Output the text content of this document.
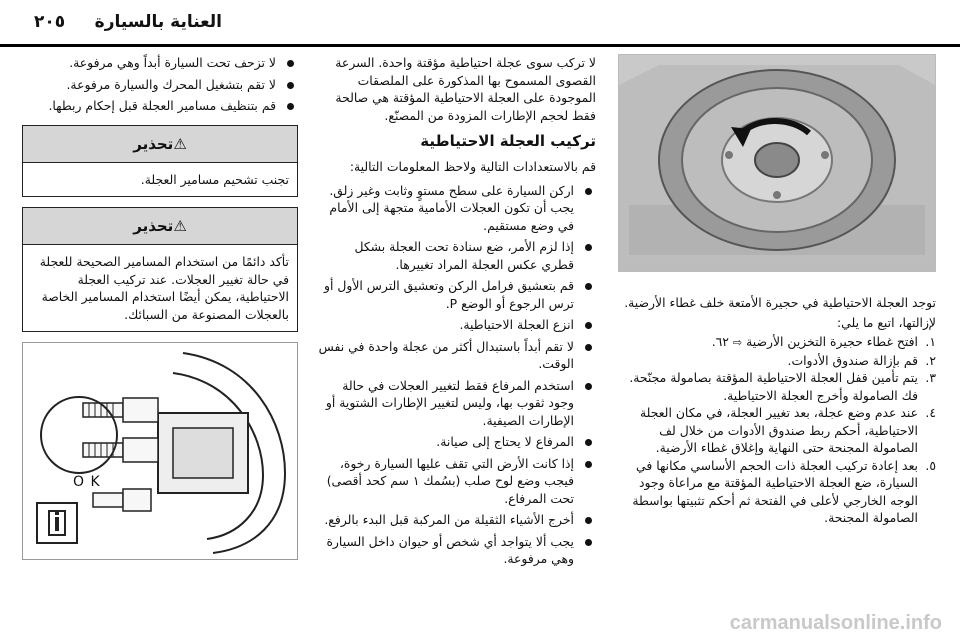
العناية بالسيارة
٢٠٥

توجد العجلة الاحتياطية في حجيرة الأمتعة خلف غطاء الأرضية.

لإزالتها، اتبع ما يلي:

١.
افتح غطاء حجيرة التخزين الأرضية ⇨ ٦٢.
٢.
قم بإزالة صندوق الأدوات.
٣.
يتم تأمين قفل العجلة الاحتياطية المؤقتة بصامولة مجنّحة. فك الصامولة وأخرج العجلة الاحتياطية.
٤.
عند عدم وضع عجلة، بعد تغيير العجلة، في مكان العجلة الاحتياطية، أحكم ربط صندوق الأدوات من خلال لف الصامولة المجنحة حتى النهاية وإغلاق غطاء الأرضية.
٥.
بعد إعادة تركيب العجلة ذات الحجم الأساسي مكانها في السيارة، ضع العجلة الاحتياطية المؤقتة مع مراعاة وجود الوجه الخارجي لأعلى في الفتحة ثم أحكم تثبيتها بواسطة الصامولة المجنحة.

لا تركب سوى عجلة احتياطية مؤقتة واحدة. السرعة القصوى المسموح بها المذكورة على الملصقات الموجودة على العجلة الاحتياطية المؤقتة هي صالحة فقط لحجم الإطارات المزودة من المصنّع.

تركيب العجلة الاحتياطية

قم بالاستعدادات التالية ولاحظ المعلومات التالية:

اركن السيارة على سطح مستوٍ وثابت وغير زلق. يجب أن تكون العجلات الأمامية متجهة إلى الأمام في وضع مستقيم.
إذا لزم الأمر، ضع سنادة تحت العجلة بشكل قطري عكس العجلة المراد تغييرها.
قم بتعشيق فرامل الركن وتعشيق الترس الأول أو ترس الرجوع أو الوضع P.
انزع العجلة الاحتياطية.
لا تقم أبداً باستبدال أكثر من عجلة واحدة في نفس الوقت.
استخدم المرفاع فقط لتغيير العجلات في حالة وجود ثقوب بها، وليس لتغيير الإطارات الشتوية أو الإطارات الصيفية.
المرفاع لا يحتاج إلى صيانة.
إذا كانت الأرض التي تقف عليها السيارة رخوة، فيجب وضع لوح صلب (بسُمك ١ سم كحد أقصى) تحت المرفاع.
أخرج الأشياء الثقيلة من المركبة قبل البدء بالرفع.
يجب ألا يتواجد أي شخص أو حيوان داخل السيارة وهي مرفوعة.
لا تزحف تحت السيارة أبداً وهي مرفوعة.
لا تقم بتشغيل المحرك والسيارة مرفوعة.
قم بتنظيف مسامير العجلة قبل إحكام ربطها.
⚠تحذير

تجنب تشحيم مسامير العجلة.

⚠تحذير

تأكد دائمًا من استخدام المسامير الصحيحة للعجلة في حالة تغيير العجلات. عند تركيب العجلة الاحتياطية، يمكن أيضًا استخدام المسامير الخاصة بالعجلات المصنوعة من السبائك.

O K
carmanualsonline.info
